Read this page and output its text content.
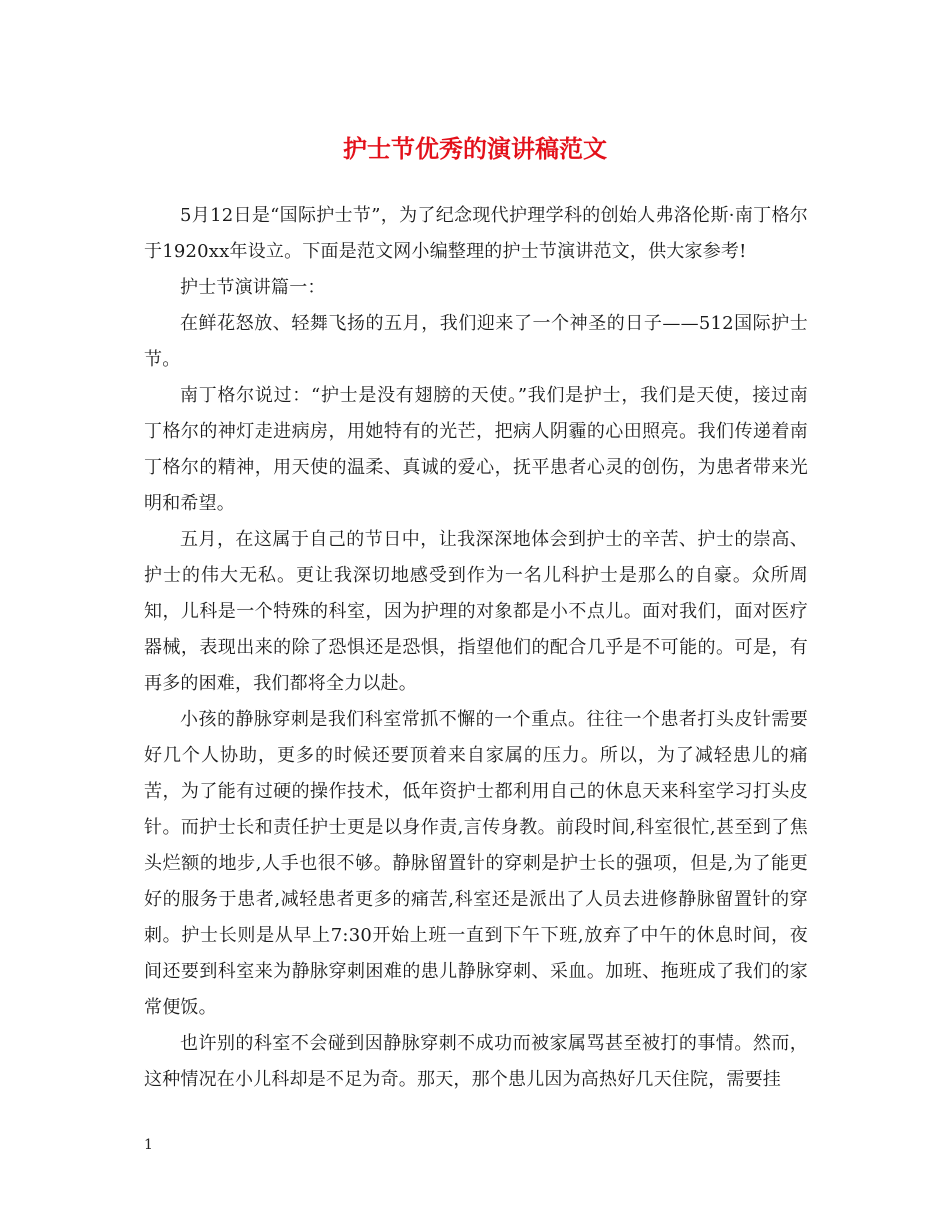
护士节优秀的演讲稿范文

5月12日是“国际护士节”，为了纪念现代护理学科的创始人弗洛伦斯·南丁格尔于1920xx年设立。下面是范文网小编整理的护士节演讲范文，供大家参考!

护士节演讲篇一：

在鲜花怒放、轻舞飞扬的五月，我们迎来了一个神圣的日子——512国际护士节。

南丁格尔说过：“护士是没有翅膀的天使。”我们是护士，我们是天使，接过南丁格尔的神灯走进病房，用她特有的光芒，把病人阴霾的心田照亮。我们传递着南丁格尔的精神，用天使的温柔、真诚的爱心，抚平患者心灵的创伤，为患者带来光明和希望。

五月，在这属于自己的节日中，让我深深地体会到护士的辛苦、护士的崇高、护士的伟大无私。更让我深切地感受到作为一名儿科护士是那么的自豪。众所周知，儿科是一个特殊的科室，因为护理的对象都是小不点儿。面对我们，面对医疗器械，表现出来的除了恐惧还是恐惧，指望他们的配合几乎是不可能的。可是，有再多的困难，我们都将全力以赴。

小孩的静脉穿刺是我们科室常抓不懈的一个重点。往往一个患者打头皮针需要好几个人协助，更多的时候还要顶着来自家属的压力。所以，为了减轻患儿的痛苦，为了能有过硬的操作技术，低年资护士都利用自己的休息天来科室学习打头皮针。而护士长和责任护士更是以身作责,言传身教。前段时间,科室很忙,甚至到了焦头烂额的地步,人手也很不够。静脉留置针的穿刺是护士长的强项，但是,为了能更好的服务于患者,减轻患者更多的痛苦,科室还是派出了人员去进修静脉留置针的穿刺。护士长则是从早上7:30开始上班一直到下午下班,放弃了中午的休息时间，夜间还要到科室来为静脉穿刺困难的患儿静脉穿刺、采血。加班、拖班成了我们的家常便饭。

也许别的科室不会碰到因静脉穿刺不成功而被家属骂甚至被打的事情。然而，这种情况在小儿科却是不足为奇。那天，那个患儿因为高热好几天住院，需要挂

1
